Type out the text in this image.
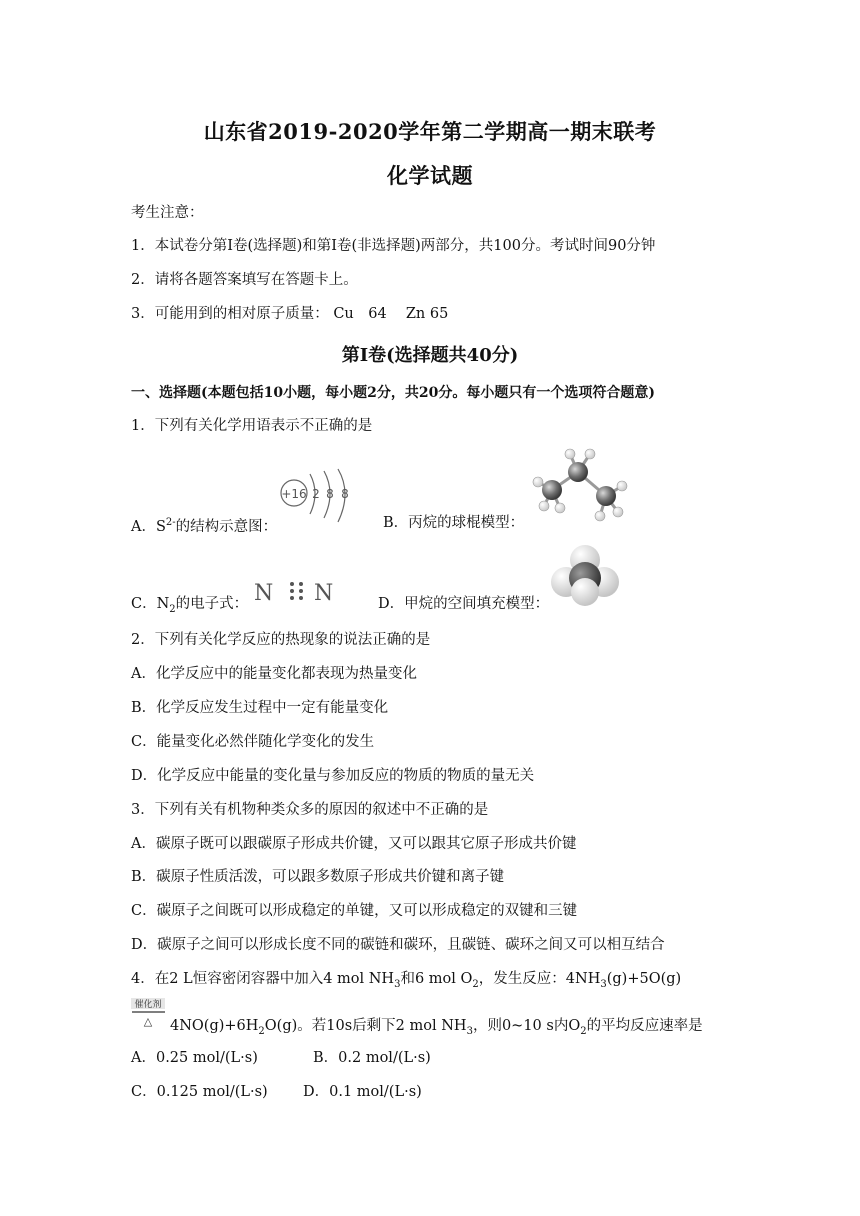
山东省2019-2020学年第二学期高一期末联考
化学试题
考生注意：
1．本试卷分第Ⅰ卷(选择题)和第Ⅰ卷(非选择题)两部分，共100分。考试时间90分钟
2．请将各题答案填写在答题卡上。
3．可能用到的相对原子质量： Cu　64　 Zn 65
第Ⅰ卷(选择题共40分)
一、选择题(本题包括10小题，每小题2分，共20分。每小题只有一个选项符合题意)
1．下列有关化学用语表示不正确的是
A．$S^{2-}$的结构示意图：
+16 2 8 8
B．丙烷的球棍模型：
C．$N_2$的电子式： N N	D．甲烷的空间填充模型：
2．下列有关化学反应的热现象的说法正确的是
A．化学反应中的能量变化都表现为热量变化
B．化学反应发生过程中一定有能量变化
C．能量变化必然伴随化学变化的发生
D．化学反应中能量的变化量与参加反应的物质的物质的量无关
3．下列有关有机物种类众多的原因的叙述中不正确的是
A．碳原子既可以跟碳原子形成共价键，又可以跟其它原子形成共价键
B．碳原子性质活泼，可以跟多数原子形成共价键和离子键
C．碳原子之间既可以形成稳定的单键，又可以形成稳定的双键和三键
D．碳原子之间可以形成长度不同的碳链和碳环，且碳链、碳环之间又可以相互结合
4．在2 L恒容密闭容器中加入4 mol $NH_3$和6 mol $O_2$，发生反应：$4NH_3(g)+5O(g)$
催化剂
△ $4NO(g)+6H_2O(g)$。若10s后剩下2 mol $NH_3$，则0~10 s内$O_2$的平均反应速率是
A．0.25 mol/(L·s)	B．0.2 mol/(L·s)
C．0.125 mol/(L·s) D．0.1 mol/(L·s)
